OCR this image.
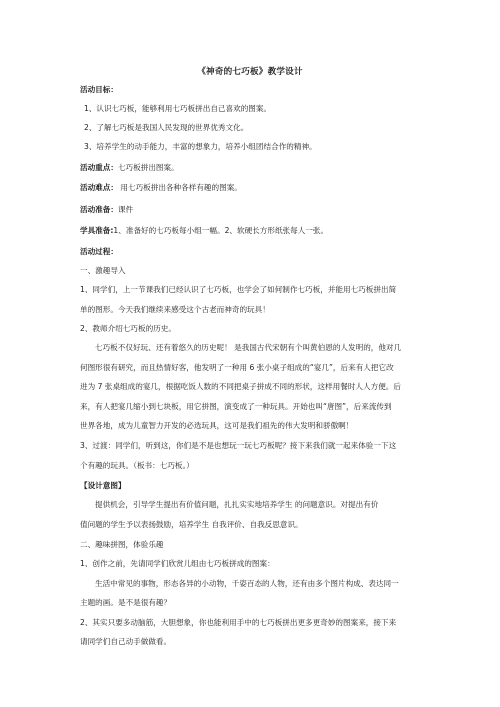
《神奇的七巧板》教学设计
活动目标：
1、认识七巧板，能够利用七巧板拼出自己喜欢的图案。
2、了解七巧板是我国人民发现的世界优秀文化。
3、培养学生的动手能力，丰富的想象力，培养小组团结合作的精神。
活动重点：七巧板拼出图案。
活动难点： 用七巧板拼出各种各样有趣的图案。
活动准备：课件
学具准备:1、准备好的七巧板每小组一幅。2、软硬长方形纸张每人一张。
活动过程：
一、激趣导入
1、同学们，上一节课我们已经认识了七巧板，也学会了如何制作七巧板，并能用七巧板拼出简
单的图形。今天我们继续来感受这个古老而神奇的玩具！
2、教师介绍七巧板的历史。
七巧板不仅好玩、还有着悠久的历史呢！ 是我国古代宋朝有个叫黄伯恩的人发明的，他对几
何图形很有研究，而且热情好客，他发明了一种用 6 张小桌子组成的“宴几”，后来有人把它改
进为 7 张桌组成的宴几，根据吃饭人数的不同把桌子拼成不同的形状，这样用餐时人人方便。后
来，有人把宴几缩小到七块板，用它拼图，演变成了一种玩具。开始也叫“唐图”，后来流传到
世界各地，成为儿童智力开发的必选玩具，这可是我们祖先的伟大发明和骄傲啊！
3、过渡：同学们，听到这，你们是不是也想玩一玩七巧板呢？接下来我们就一起来体验一下这
个有趣的玩具。（板书：七巧板。）
【设计意图】
提供机会，引导学生提出有价值问题，扎扎实实地培养学生 的问题意识。对提出有价
值问题的学生予以表扬鼓励，培养学生 自我评价、自我反思意识。
二、趣味拼图，体验乐趣
1、创作之前，先请同学们欣赏儿组由七巧板拼成的图案：
生活中常见的事物，形态各异的小动物，千姿百态的人物，还有由多个图片构成、表达同一
主题的画。是不是很有趣？
2、其实只要多动脑筋，大胆想象，你也能利用手中的七巧板拼出更多更奇妙的图案来，接下来
请同学们自己动手做做看。
